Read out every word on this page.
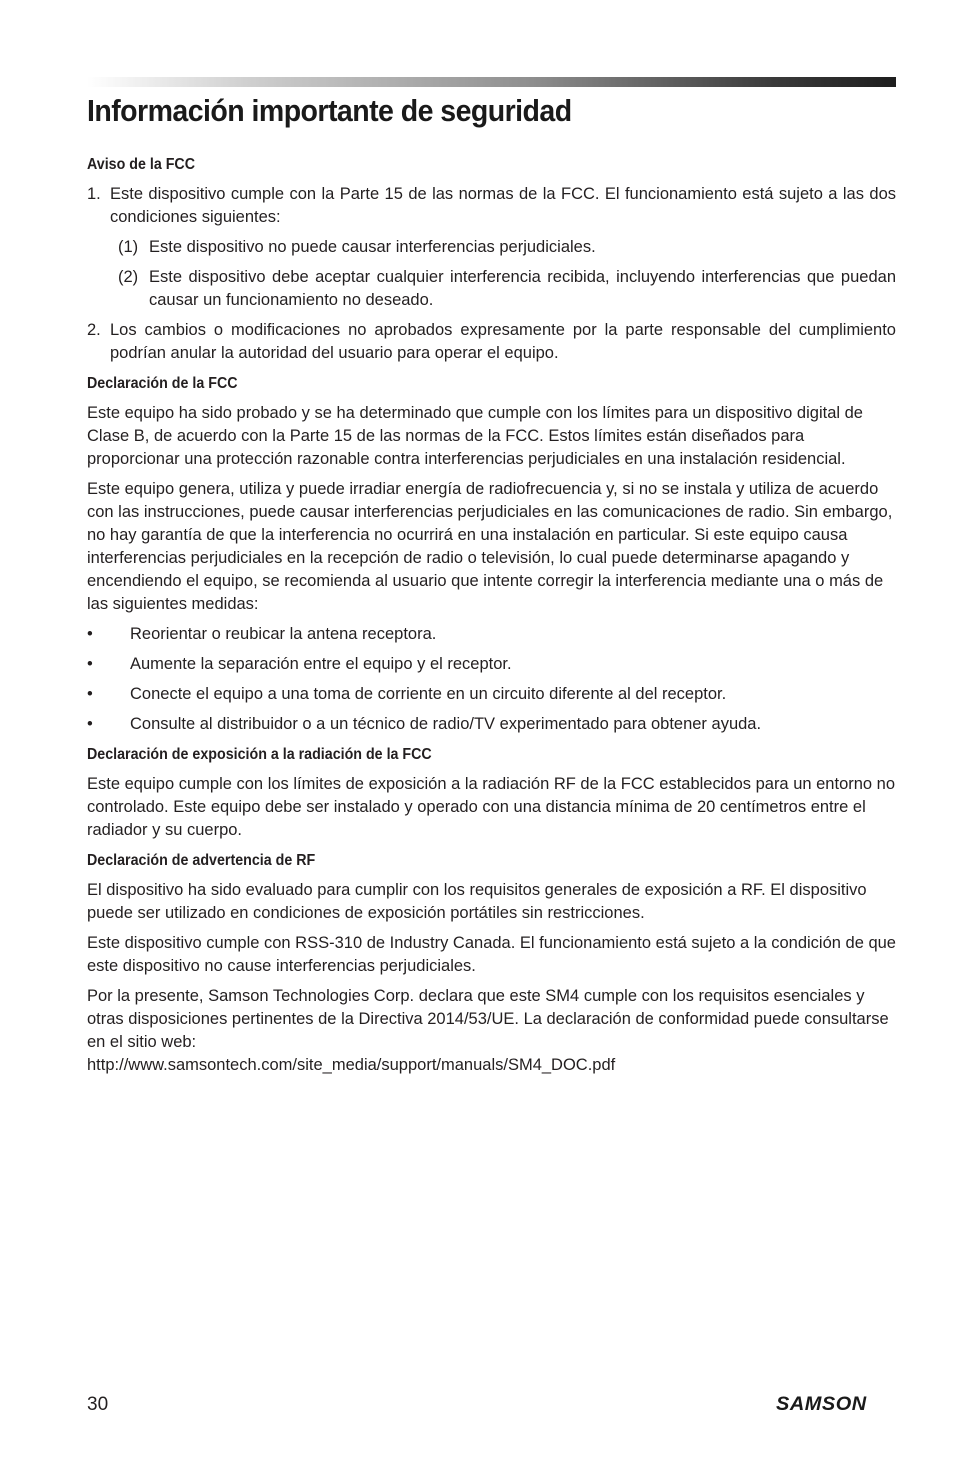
Información importante de seguridad
Aviso de la FCC
1. Este dispositivo cumple con la Parte 15 de las normas de la FCC. El funcionamiento está sujeto a las dos condiciones siguientes:
(1) Este dispositivo no puede causar interferencias perjudiciales.
(2) Este dispositivo debe aceptar cualquier interferencia recibida, incluyendo interferencias que puedan causar un funcionamiento no deseado.
2. Los cambios o modificaciones no aprobados expresamente por la parte responsable del cumplimiento podrían anular la autoridad del usuario para operar el equipo.
Declaración de la FCC

Este equipo ha sido probado y se ha determinado que cumple con los límites para un dispositivo digital de Clase B, de acuerdo con la Parte 15 de las normas de la FCC. Estos límites están diseñados para proporcionar una protección razonable contra interferencias perjudiciales en una instalación residencial.

Este equipo genera, utiliza y puede irradiar energía de radiofrecuencia y, si no se instala y utiliza de acuerdo con las instrucciones, puede causar interferencias perjudiciales en las comunicaciones de radio. Sin embargo, no hay garantía de que la interferencia no ocurrirá en una instalación en particular. Si este equipo causa interferencias perjudiciales en la recepción de radio o televisión, lo cual puede determinarse apagando y encendiendo el equipo, se recomienda al usuario que intente corregir la interferencia mediante una o más de las siguientes medidas:

• Reorientar o reubicar la antena receptora.
• Aumente la separación entre el equipo y el receptor.
• Conecte el equipo a una toma de corriente en un circuito diferente al del receptor.
• Consulte al distribuidor o a un técnico de radio/TV experimentado para obtener ayuda.
Declaración de exposición a la radiación de la FCC

Este equipo cumple con los límites de exposición a la radiación RF de la FCC establecidos para un entorno no controlado. Este equipo debe ser instalado y operado con una distancia mínima de 20 centímetros entre el radiador y su cuerpo.

Declaración de advertencia de RF

El dispositivo ha sido evaluado para cumplir con los requisitos generales de exposición a RF. El dispositivo puede ser utilizado en condiciones de exposición portátiles sin restricciones.

Este dispositivo cumple con RSS-310 de Industry Canada. El funcionamiento está sujeto a la condición de que este dispositivo no cause interferencias perjudiciales.

Por la presente, Samson Technologies Corp. declara que este SM4 cumple con los requisitos esenciales y otras disposiciones pertinentes de la Directiva 2014/53/UE. La declaración de conformidad puede consultarse en el sitio web:
http://www.samsontech.com/site_media/support/manuals/SM4_DOC.pdf

30	SAMSON
